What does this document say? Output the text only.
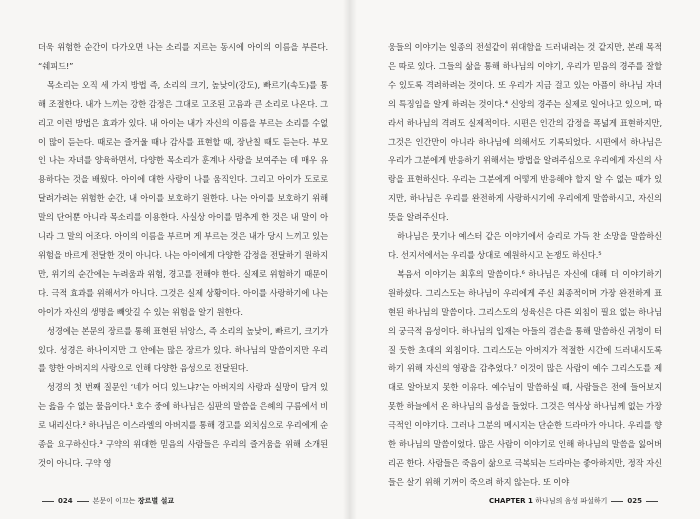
더욱 위험한 순간이 다가오면 나는 소리를 지르는 동시에 아이의 이름을 부른다. “쉐피드!”

목소리는 오직 세 가지 방법 즉, 소리의 크기, 높낮이(강도), 빠르기(속도)를 통해 조절한다. 내가 느끼는 강한 감정은 그대로 고조된 고음과 큰 소리로 나온다. 그리고 이런 방법은 효과가 있다. 내 아이는 내가 자신의 이름을 부르는 소리를 수없이 많이 듣는다. 때로는 즐거울 때나 감사를 표현할 때, 장난칠 때도 듣는다. 부모인 나는 자녀를 양육하면서, 다양한 목소리가 훈계나 사랑을 보여주는 데 매우 유용하다는 것을 배웠다. 아이에 대한 사랑이 나를 움직인다. 그리고 아이가 도로로 달려가려는 위험한 순간, 내 아이를 보호하기 원한다. 나는 아이를 보호하기 위해 말의 단어뿐 아니라 목소리를 이용한다. 사실상 아이를 멈추게 한 것은 내 말이 아니라 그 말의 어조다. 아이의 이름을 부르며 게 부르는 것은 내가 당시 느끼고 있는 위험을 바르게 전달한 것이 아니다. 나는 아이에게 다양한 감정을 전달하기 원하지만, 위기의 순간에는 누려움과 위험, 경고를 전해야 한다. 실제로 위험하기 때문이다. 극적 효과를 위해서가 아니다. 그것은 실제 상황이다. 아이를 사랑하기에 나는 아이가 자신의 생명을 빼앗길 수 있는 위험을 알기 원한다.

성경에는 본문의 장르를 통해 표현된 뉘앙스, 즉 소리의 높낮이, 빠르기, 크기가 있다. 성경은 하나이지만 그 안에는 많은 장르가 있다. 하나님의 말씀이지만 우리를 향한 아버지의 사랑으로 인해 다양한 음성으로 전달된다.

성경의 첫 번째 질문인 ‘네가 어디 있느냐?’는 아버지의 사랑과 실망이 담겨 있는 읊음 수 없는 물음이다.¹ 호수 중에 하나님은 심판의 말씀을 은혜의 구름에서 비로 내리신다.² 하나님은 이스라엘의 아버지를 통해 경고를 외치심으로 우리에게 순종을 요구하신다.³ 구약의 위대한 믿음의 사람들은 우리의 즐거움을 위해 소개된 것이 아니다. 구약 영

024	본문이 이끄는 장르별 설교

웅들의 이야기는 일종의 전설같이 위대함을 드러내려는 것 같지만, 본래 목적은 따로 있다. 그들의 삶을 통해 하나님의 이야기, 우리가 믿음의 경주를 잘할 수 있도록 격려하려는 것이다. 또 우리가 지금 걸고 있는 아픔이 하나님 자녀의 특징임을 알게 하려는 것이다.⁴ 신앙의 경주는 실제로 일어나고 있으며, 따라서 하나님의 격려도 실제적이다. 시편은 인간의 감정을 폭넓게 표현하지만, 그것은 인간만이 아니라 하나님에 의해서도 기록되었다. 시편에서 하나님은 우리가 그분에게 반응하기 위해서는 방법을 알려주심으로 우리에게 자신의 사랑을 표현하신다. 우리는 그분에게 어떻게 반응해야 할지 알 수 없는 때가 있지만, 하나님은 우리를 완전하게 사랑하시기에 우리에게 말씀하시고, 자신의 뜻을 알려주신다.

하나님은 뭇기나 예스터 같은 이야기에서 승리로 가득 찬 소망을 말씀하신다. 선지서에서는 우리를 상대로 예원하시고 논쟁도 하신다.⁵

복음서 이야기는 최후의 말씀이다.⁶ 하나님은 자신에 대해 더 이야기하기 원하셨다. 그리스도는 하나님이 우리에게 주신 최종적이며 가장 완전하게 표현된 하나님의 말씀이다. 그리스도의 성육신은 다른 외침이 필요 없는 하나님의 궁극적 음성이다. 하나님의 입재는 아들의 겸손을 통해 말씀하신 귀청이 터질 듯한 초대의 외침이다. 그리스도는 아버지가 적절한 시간에 드러내시도록 하기 위해 자신의 영광을 감추었다.⁷ 이것이 많은 사람이 예수 그리스도를 제대로 알아보지 못한 이유다. 예수님이 말씀하실 때, 사람들은 전에 들어보지 못한 하늘에서 온 하나님의 음성을 들었다. 그것은 역사상 하나님께 없는 가장 극적인 이야기다. 그러나 그분의 메시지는 단순한 드라마가 아니다. 우리를 향한 하나님의 말씀이었다. 많은 사람이 이야기로 인해 하나님의 말씀을 잃어버리곤 한다. 사람들은 죽음이 삶으로 극복되는 드라마는 좋아하지만, 정작 자신들은 살기 위해 기꺼이 죽으려 하지 않는다. 또 이야

CHAPTER 1 하나님의 음성 파설하기	025
